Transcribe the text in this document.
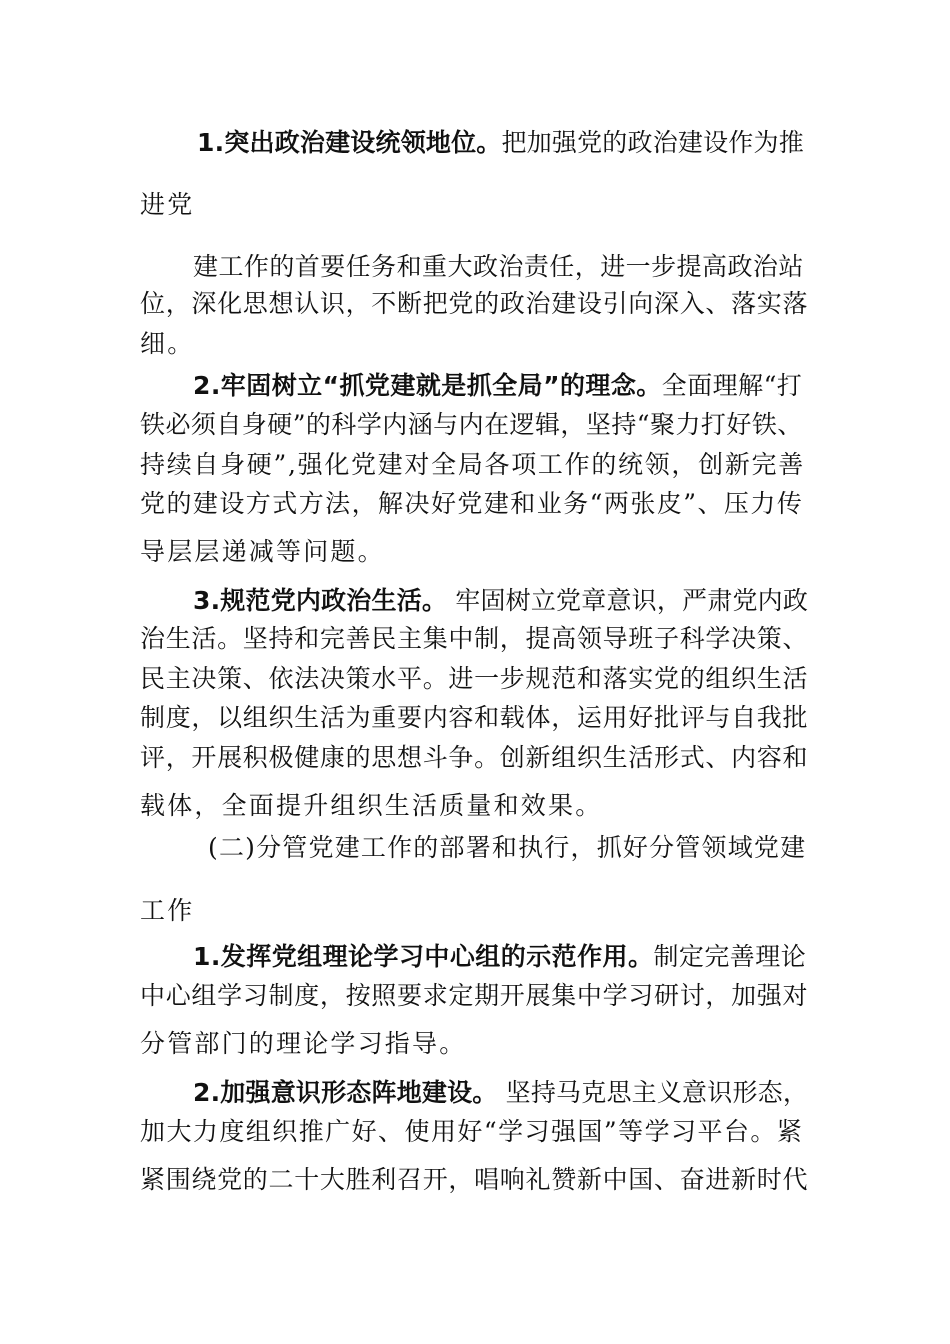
1.突出政治建设统领地位。把加强党的政治建设作为推
进党
建工作的首要任务和重大政治责任，进一步提高政治站
位，深化思想认识，不断把党的政治建设引向深入、落实落
细。
2.牢固树立“抓党建就是抓全局”的理念。全面理解“打
铁必须自身硬”的科学内涵与内在逻辑，坚持“聚力打好铁、
持续自身硬”,强化党建对全局各项工作的统领，创新完善
党的建设方式方法，解决好党建和业务“两张皮”、压力传
导层层递减等问题。
3.规范党内政治生活。 牢固树立党章意识，严肃党内政
治生活。坚持和完善民主集中制，提高领导班子科学决策、
民主决策、依法决策水平。进一步规范和落实党的组织生活
制度，以组织生活为重要内容和载体，运用好批评与自我批
评，开展积极健康的思想斗争。创新组织生活形式、内容和
载体，全面提升组织生活质量和效果。
(二)分管党建工作的部署和执行，抓好分管领域党建
工作
1.发挥党组理论学习中心组的示范作用。制定完善理论
中心组学习制度，按照要求定期开展集中学习研讨，加强对
分管部门的理论学习指导。
2.加强意识形态阵地建设。 坚持马克思主义意识形态，
加大力度组织推广好、使用好“学习强国”等学习平台。紧
紧围绕党的二十大胜利召开，唱响礼赞新中国、奋进新时代
